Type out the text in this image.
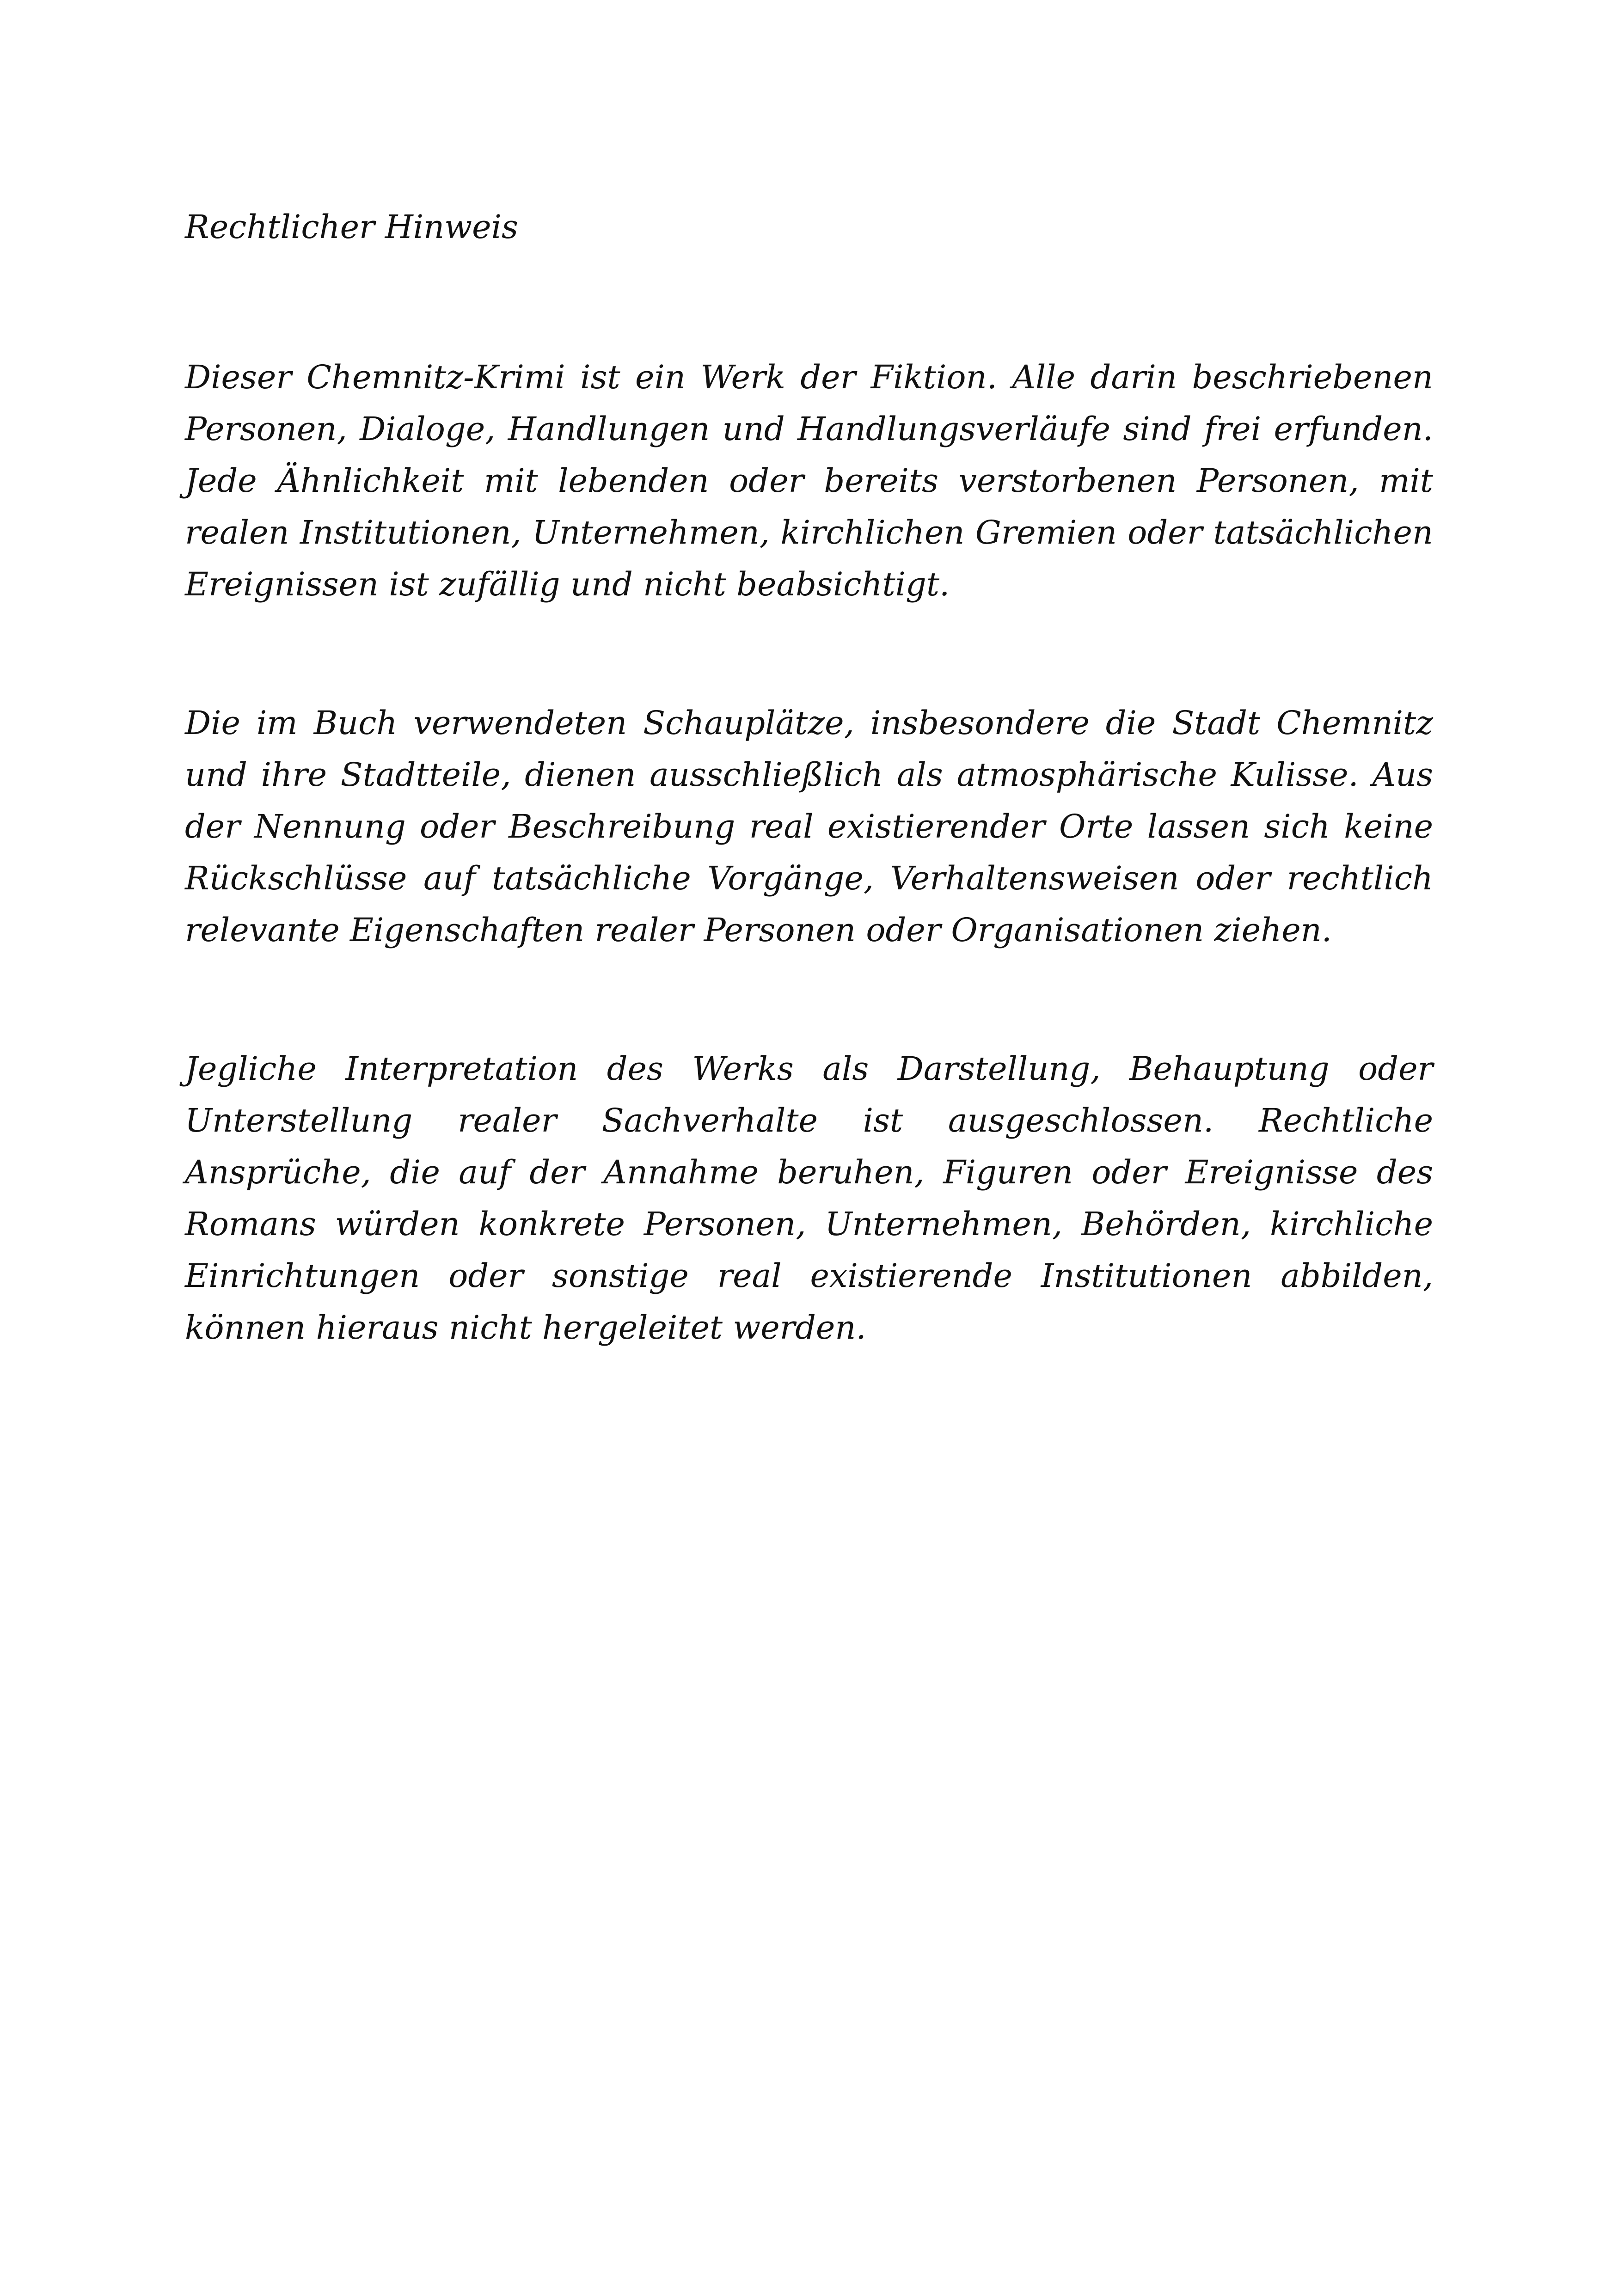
Rechtlicher Hinweis

Dieser Chemnitz-Krimi ist ein Werk der Fiktion. Alle darin beschriebenen Personen, Dialoge, Handlungen und Handlungsverläufe sind frei erfunden. Jede Ähnlichkeit mit lebenden oder bereits verstorbenen Personen, mit realen Institutionen, Unternehmen, kirchlichen Gremien oder tatsächlichen Ereignissen ist zufällig und nicht beabsichtigt.

Die im Buch verwendeten Schauplätze, insbesondere die Stadt Chemnitz und ihre Stadtteile, dienen ausschließlich als atmosphärische Kulisse. Aus der Nennung oder Beschreibung real existierender Orte lassen sich keine Rückschlüsse auf tatsächliche Vorgänge, Verhaltensweisen oder rechtlich relevante Eigenschaften realer Personen oder Organisationen ziehen.

Jegliche Interpretation des Werks als Darstellung, Behauptung oder Unterstellung realer Sachverhalte ist ausgeschlossen. Rechtliche Ansprüche, die auf der Annahme beruhen, Figuren oder Ereignisse des Romans würden konkrete Personen, Unternehmen, Behörden, kirchliche Einrichtungen oder sonstige real existierende Institutionen abbilden, können hieraus nicht hergeleitet werden.
